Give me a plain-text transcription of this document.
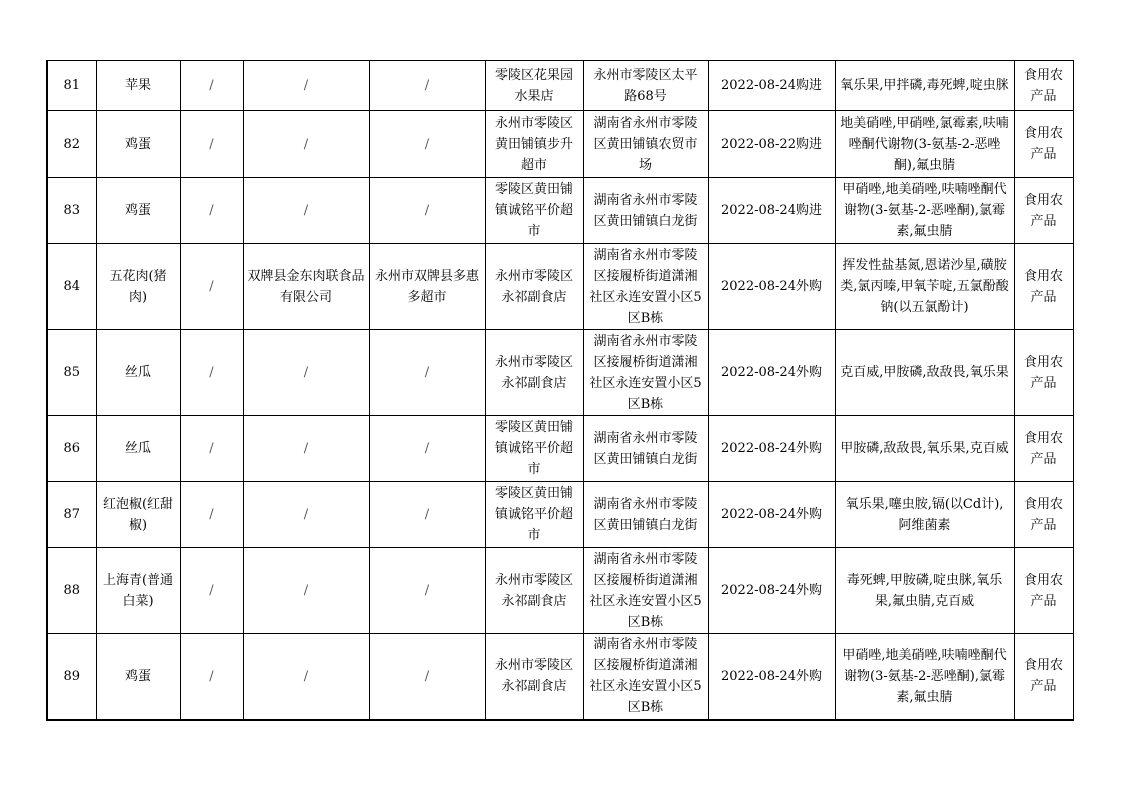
81	苹果	/	/	/	零陵区花果园水果店	永州市零陵区太平路68号	2022-08-24购进	氧乐果,甲拌磷,毒死蜱,啶虫脒	食用农产品
82	鸡蛋	/	/	/	永州市零陵区黄田铺镇步升超市	湖南省永州市零陵区黄田铺镇农贸市场	2022-08-22购进	地美硝唑,甲硝唑,氯霉素,呋喃唑酮代谢物(3-氨基-2-恶唑酮),氟虫腈	食用农产品
83	鸡蛋	/	/	/	零陵区黄田铺镇诚铭平价超市	湖南省永州市零陵区黄田铺镇白龙街	2022-08-24购进	甲硝唑,地美硝唑,呋喃唑酮代谢物(3-氨基-2-恶唑酮),氯霉素,氟虫腈	食用农产品
84	五花肉(猪肉)	/	双牌县金东肉联食品有限公司	永州市双牌县多惠多超市	永州市零陵区永祁副食店	湖南省永州市零陵区接履桥街道潇湘社区永连安置小区5区B栋	2022-08-24外购	挥发性盐基氮,恩诺沙星,磺胺类,氯丙嗪,甲氧苄啶,五氯酚酸钠(以五氯酚计)	食用农产品
85	丝瓜	/	/	/	永州市零陵区永祁副食店	湖南省永州市零陵区接履桥街道潇湘社区永连安置小区5区B栋	2022-08-24外购	克百威,甲胺磷,敌敌畏,氧乐果	食用农产品
86	丝瓜	/	/	/	零陵区黄田铺镇诚铭平价超市	湖南省永州市零陵区黄田铺镇白龙街	2022-08-24外购	甲胺磷,敌敌畏,氧乐果,克百威	食用农产品
87	红泡椒(红甜椒)	/	/	/	零陵区黄田铺镇诚铭平价超市	湖南省永州市零陵区黄田铺镇白龙街	2022-08-24外购	氧乐果,噻虫胺,镉(以Cd计),阿维菌素	食用农产品
88	上海青(普通白菜)	/	/	/	永州市零陵区永祁副食店	湖南省永州市零陵区接履桥街道潇湘社区永连安置小区5区B栋	2022-08-24外购	毒死蜱,甲胺磷,啶虫脒,氧乐果,氟虫腈,克百威	食用农产品
89	鸡蛋	/	/	/	永州市零陵区永祁副食店	湖南省永州市零陵区接履桥街道潇湘社区永连安置小区5区B栋	2022-08-24外购	甲硝唑,地美硝唑,呋喃唑酮代谢物(3-氨基-2-恶唑酮),氯霉素,氟虫腈	食用农产品
